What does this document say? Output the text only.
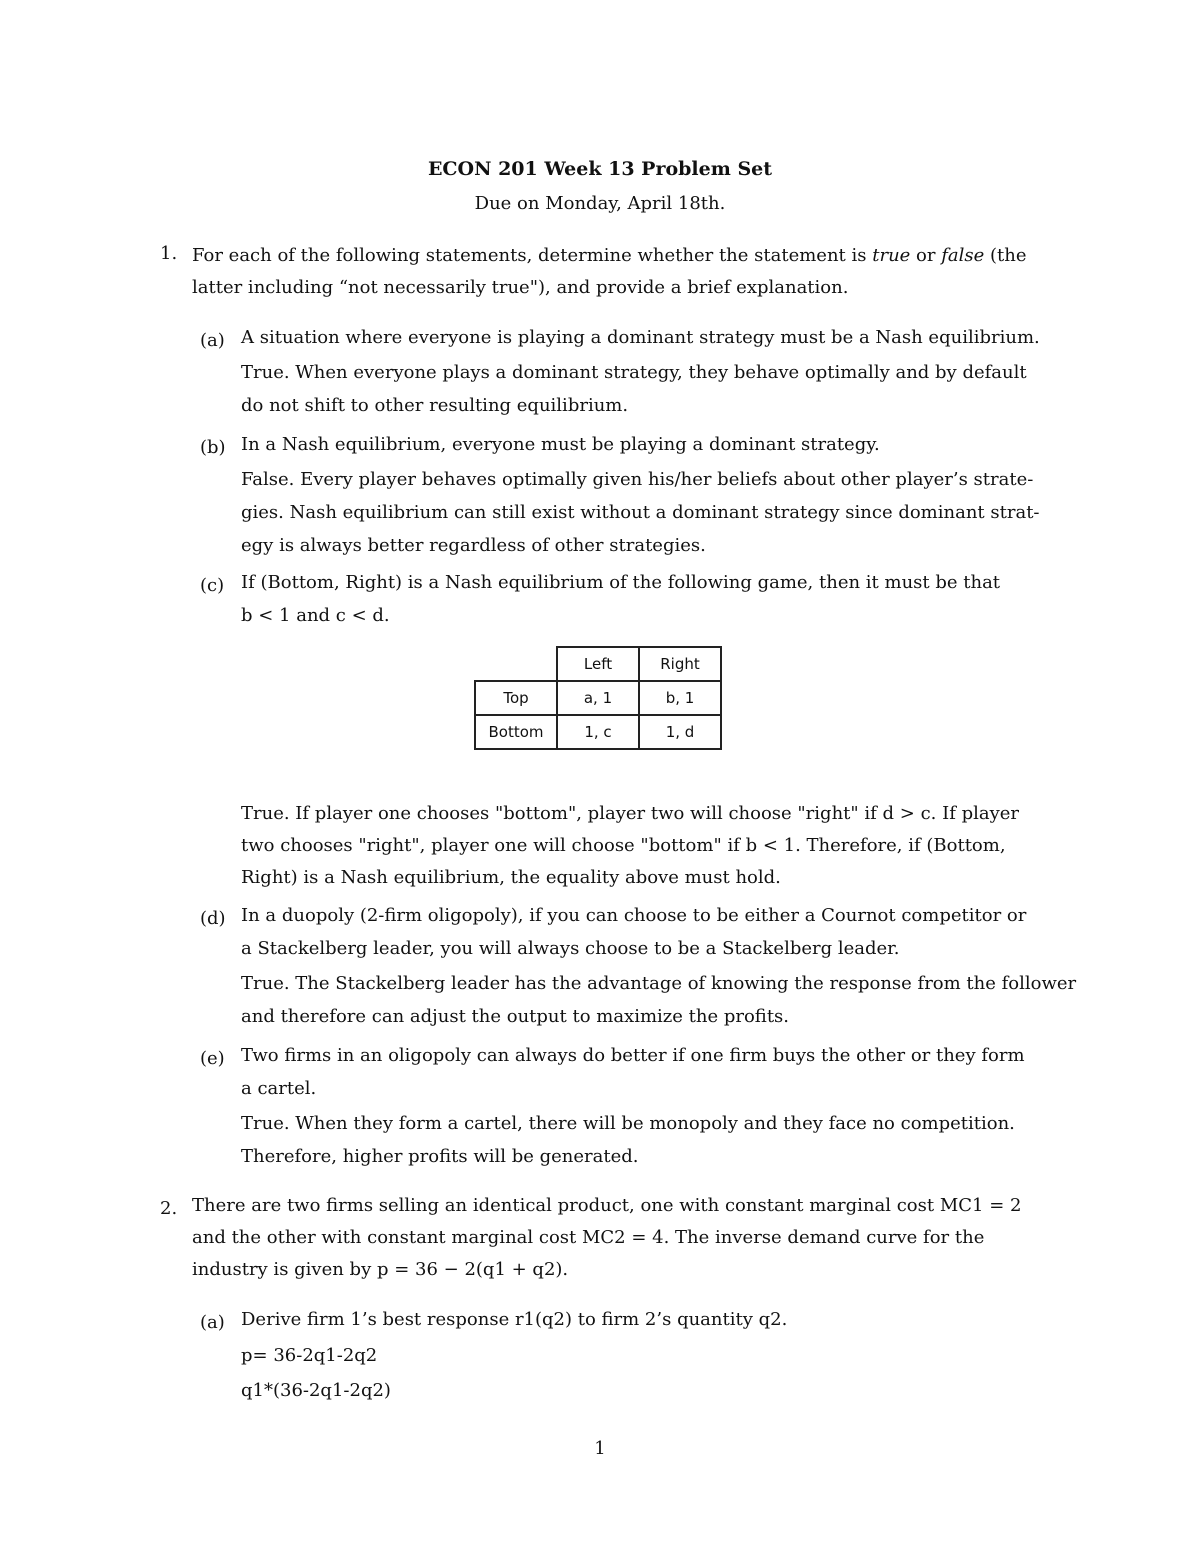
ECON 201 Week 13 Problem Set
Due on Monday, April 18th.
1. For each of the following statements, determine whether the statement is true or false (the
latter including “not necessarily true"), and provide a brief explanation.
(a) A situation where everyone is playing a dominant strategy must be a Nash equilibrium.
True. When everyone plays a dominant strategy, they behave optimally and by default
do not shift to other resulting equilibrium.
(b) In a Nash equilibrium, everyone must be playing a dominant strategy.
False. Every player behaves optimally given his/her beliefs about other player’s strate-
gies. Nash equilibrium can still exist without a dominant strategy since dominant strat-
egy is always better regardless of other strategies.
(c) If (Bottom, Right) is a Nash equilibrium of the following game, then it must be that
b < 1 and c < d.
	Left	Right
Top	a, 1	b, 1
Bottom	1, c	1, d
True. If player one chooses "bottom", player two will choose "right" if d > c. If player
two chooses "right", player one will choose "bottom" if b < 1. Therefore, if (Bottom,
Right) is a Nash equilibrium, the equality above must hold.
(d) In a duopoly (2-firm oligopoly), if you can choose to be either a Cournot competitor or
a Stackelberg leader, you will always choose to be a Stackelberg leader.
True. The Stackelberg leader has the advantage of knowing the response from the follower
and therefore can adjust the output to maximize the profits.
(e) Two firms in an oligopoly can always do better if one firm buys the other or they form
a cartel.
True. When they form a cartel, there will be monopoly and they face no competition.
Therefore, higher profits will be generated.
2. There are two firms selling an identical product, one with constant marginal cost MC1 = 2
and the other with constant marginal cost MC2 = 4. The inverse demand curve for the
industry is given by p = 36 − 2(q1 + q2).
(a) Derive firm 1’s best response r1(q2) to firm 2’s quantity q2.
p= 36-2q1-2q2
q1*(36-2q1-2q2)
1
